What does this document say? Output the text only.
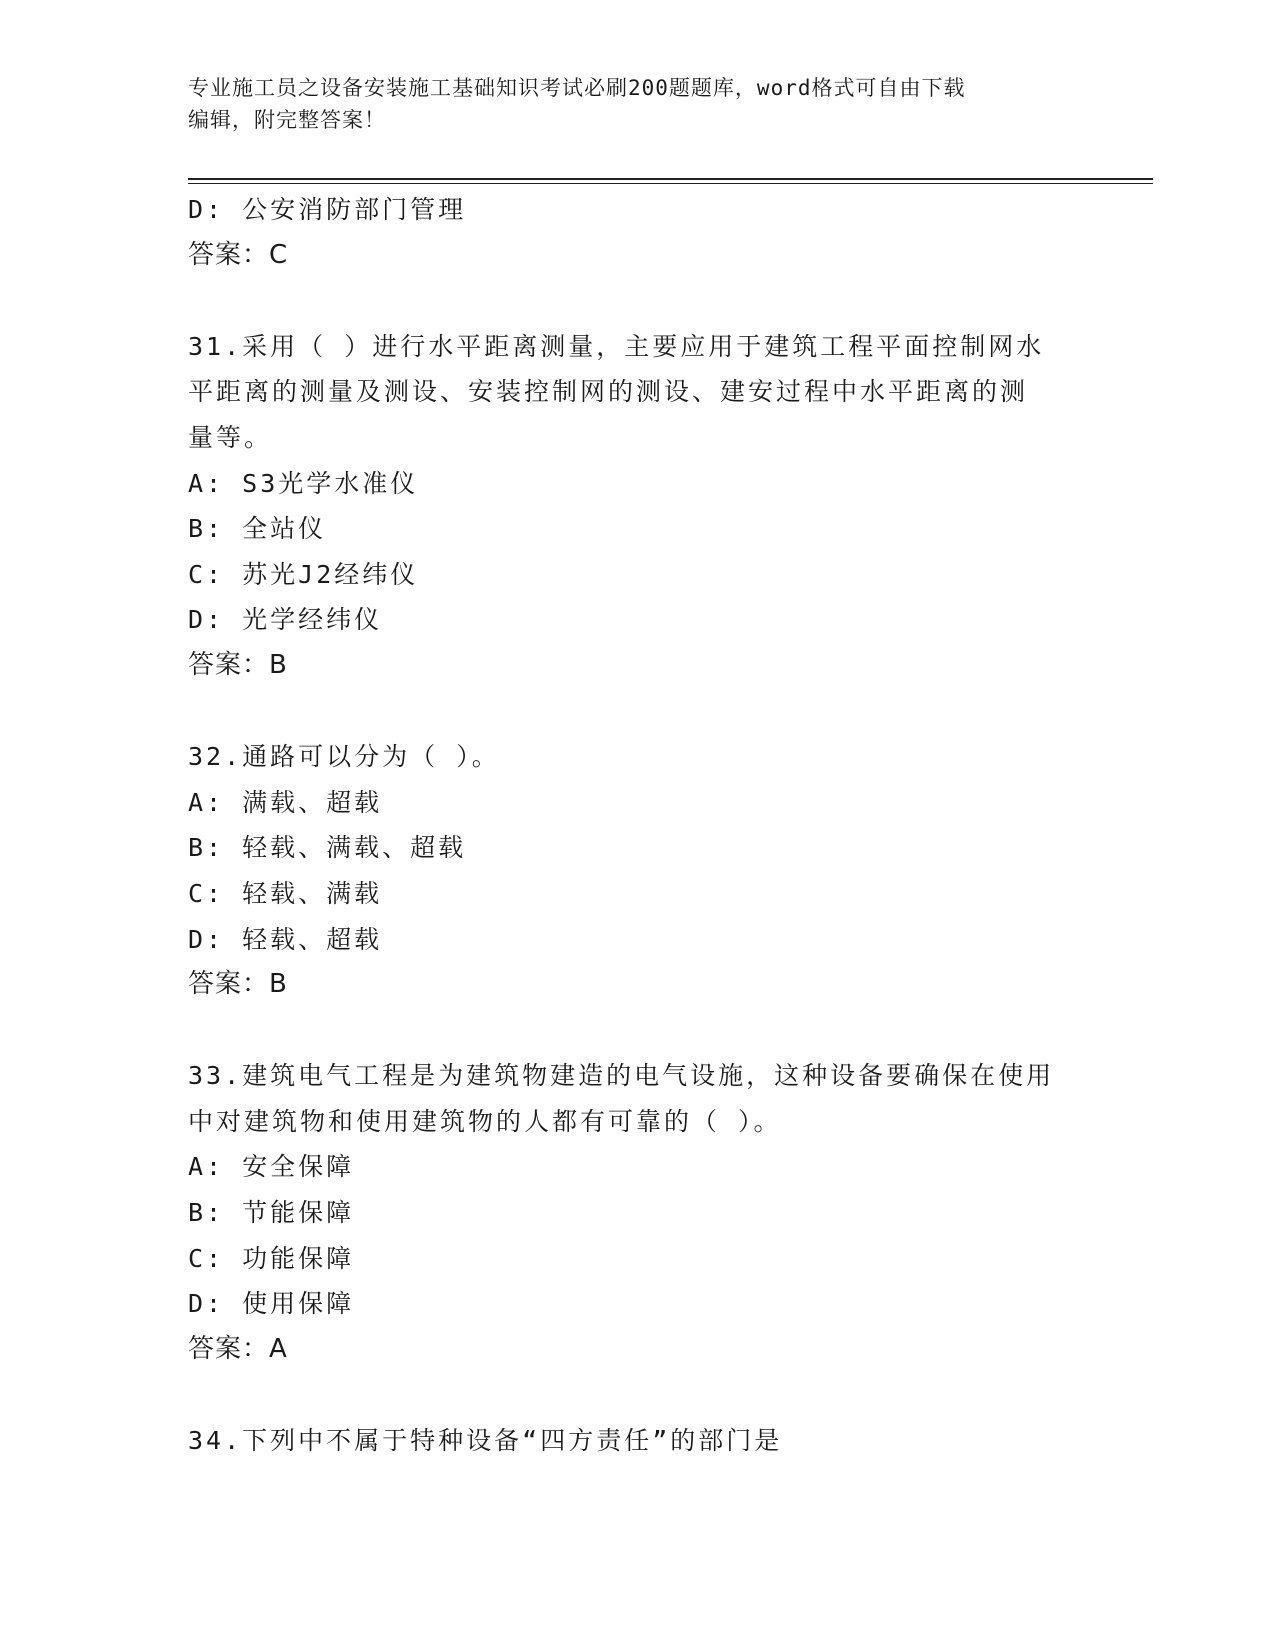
专业施工员之设备安装施工基础知识考试必刷200题题库，word格式可自由下载
编辑，附完整答案！
D: 公安消防部门管理
答案：C
31.采用（ ）进行水平距离测量，主要应用于建筑工程平面控制网水
平距离的测量及测设、安装控制网的测设、建安过程中水平距离的测
量等。
A: S3光学水准仪
B: 全站仪
C: 苏光J2经纬仪
D: 光学经纬仪
答案：B
32.通路可以分为（ ）。
A: 满载、超载
B: 轻载、满载、超载
C: 轻载、满载
D: 轻载、超载
答案：B
33.建筑电气工程是为建筑物建造的电气设施，这种设备要确保在使用
中对建筑物和使用建筑物的人都有可靠的（ ）。
A: 安全保障
B: 节能保障
C: 功能保障
D: 使用保障
答案：A
34.下列中不属于特种设备“四方责任”的部门是
